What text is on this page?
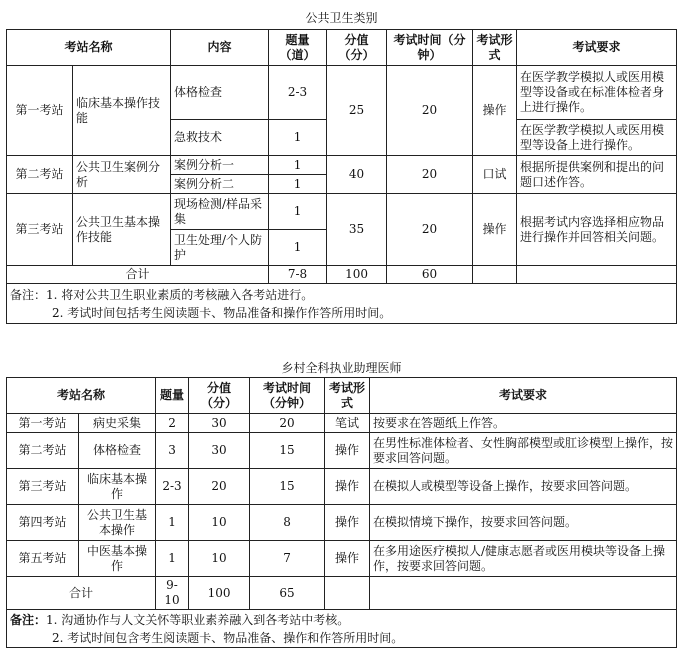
公共卫生类别
考站名称		内容	题量（道）	分值（分）	考试时间（分钟）	考试形式	考试要求
第一考站	临床基本操作技能	体格检查	2-3	25	20	操作	在医学教学模拟人或医用模型等设备或在标准体检者身上进行操作。
		急救技术	1				在医学教学模拟人或医用模型等设备上进行操作。
第二考站	公共卫生案例分析	案例分析一	1	40	20	口试	根据所提供案例和提出的问题口述作答。
		案例分析二	1				
第三考站	公共卫生基本操作技能	现场检测/样品采集	1	35	20	操作	根据考试内容选择相应物品进行操作并回答相关问题。
		卫生处理/个人防护	1				
合计			7-8	100	60		

备注：1. 将对公共卫生职业素质的考核融入各考站进行。
2. 考试时间包括考生阅读题卡、物品准备和操作作答所用时间。							
乡村全科执业助理医师
考站名称		题量	分值（分）	考试时间（分钟）	考试形式	考试要求
第一考站	病史采集	2	30	20	笔试	按要求在答题纸上作答。
第二考站	体格检查	3	30	15	操作	在男性标准体检者、女性胸部模型或肛诊模型上操作，按要求回答问题。
第三考站	临床基本操作	2-3	20	15	操作	在模拟人或模型等设备上操作，按要求回答问题。
第四考站	公共卫生基本操作	1	10	8	操作	在模拟情境下操作，按要求回答问题。
第五考站	中医基本操作	1	10	7	操作	在多用途医疗模拟人/健康志愿者或医用模块等设备上操作，按要求回答问题。
合计		9-10	100	65		

备注：1. 沟通协作与人文关怀等职业素养融入到各考站中考核。
2. 考试时间包含考生阅读题卡、物品准备、操作和作答所用时间。						
